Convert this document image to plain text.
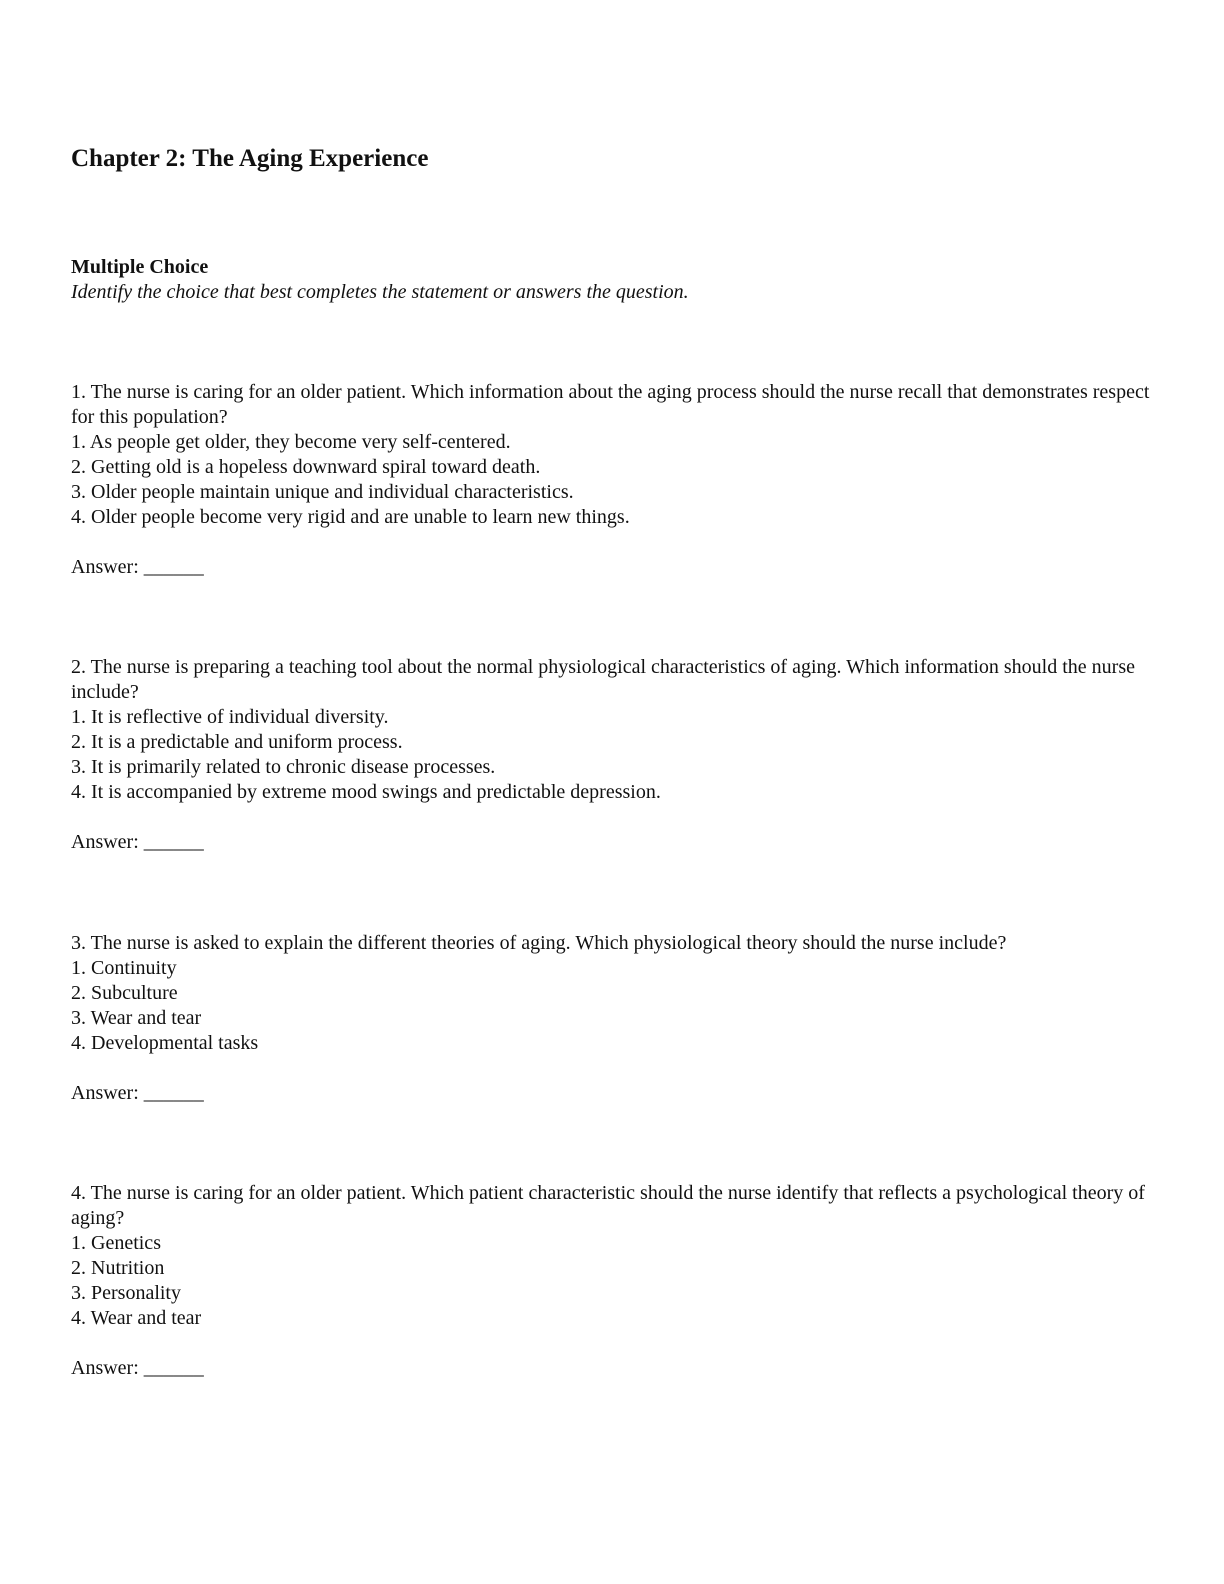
Chapter 2: The Aging Experience
Multiple Choice

Identify the choice that best completes the statement or answers the question.

1. The nurse is caring for an older patient. Which information about the aging process should the nurse recall that demonstrates respect for this population?

1. As people get older, they become very self-centered.
2. Getting old is a hopeless downward spiral toward death.
3. Older people maintain unique and individual characteristics.
4. Older people become very rigid and are unable to learn new things.

Answer: ______

2. The nurse is preparing a teaching tool about the normal physiological characteristics of aging. Which information should the nurse include?

1. It is reflective of individual diversity.
2. It is a predictable and uniform process.
3. It is primarily related to chronic disease processes.
4. It is accompanied by extreme mood swings and predictable depression.

Answer: ______

3. The nurse is asked to explain the different theories of aging. Which physiological theory should the nurse include?

1. Continuity
2. Subculture
3. Wear and tear
4. Developmental tasks

Answer: ______

4. The nurse is caring for an older patient. Which patient characteristic should the nurse identify that reflects a psychological theory of aging?

1. Genetics
2. Nutrition
3. Personality
4. Wear and tear

Answer: ______
